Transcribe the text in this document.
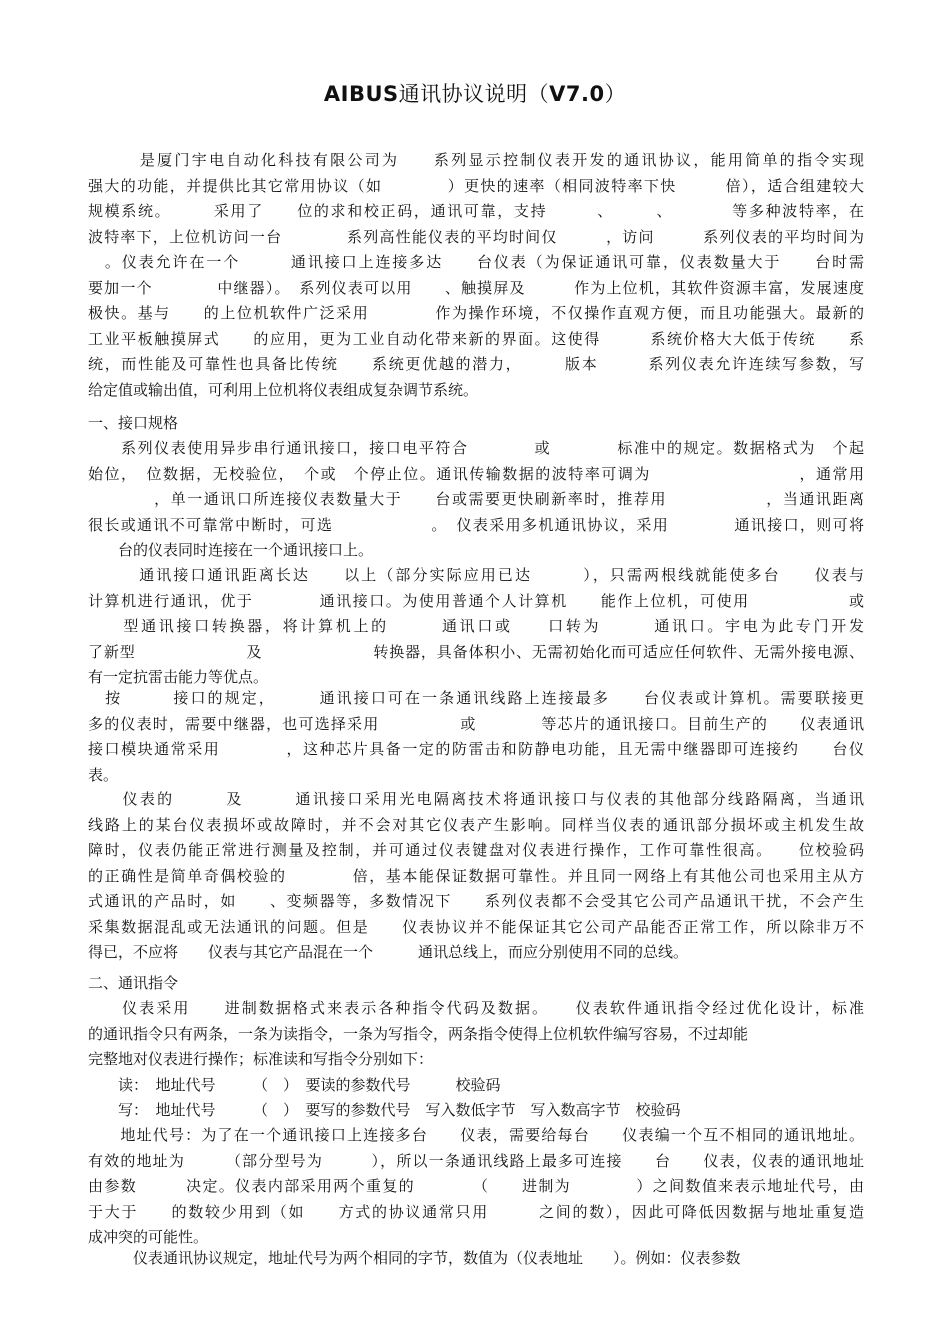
AIBUS通讯协议说明（V7.0）
　　　是厦门宇电自动化科技有限公司为　　系列显示控制仪表开发的通讯协议，能用简单的指令实现
强大的功能，并提供比其它常用协议（如　　　　）更快的速率（相同波特率下快　　　倍），适合组建较大
规模系统。　　　采用了　　位的求和校正码，通讯可靠，支持　　　、　　　、　　　　等多种波特率，在
波特率下，上位机访问一台　　　　系列高性能仪表的平均时间仅　　　，访问　　　系列仪表的平均时间为
　。仪表允许在一个　　　通讯接口上连接多达　　台仪表（为保证通讯可靠，仪表数量大于　　台时需
要加一个　　　　中继器）。　系列仪表可以用　　、触摸屏及　　　作为上位机，其软件资源丰富，发展速度
极快。基与　　的上位机软件广泛采用　　　　作为操作环境，不仅操作直观方便，而且功能强大。最新的
工业平板触摸屏式　　的应用，更为工业自动化带来新的界面。这使得　　　系统价格大大低于传统　　系
统，而性能及可靠性也具备比传统　　系统更优越的潜力，　　　版本　　　系列仪表允许连续写参数，写
给定值或输出值，可利用上位机将仪表组成复杂调节系统。
一、接口规格
　　系列仪表使用异步串行通讯接口，接口电平符合　　　　或　　　　标准中的规定。数据格式为　个起
始位，　位数据，无校验位，　个或　个停止位。通讯传输数据的波特率可调为　　　　　　　　　，通常用
　　　　，单一通讯口所连接仪表数量大于　　台或需要更快刷新率时，推荐用　　　　　　，当通讯距离
很长或通讯不可靠常中断时，可选　　　　　　。　仪表采用多机通讯协议，采用　　　　通讯接口，则可将
　　台的仪表同时连接在一个通讯接口上。
　　　通讯接口通讯距离长达　　以上（部分实际应用已达　　　），只需两根线就能使多台　　仪表与
计算机进行通讯，优于　　　　通讯接口。为使用普通个人计算机　　能作上位机，可使用　　　　　　或
　　型通讯接口转换器，将计算机上的　　　通讯口或　　口转为　　　通讯口。宇电为此专门开发
了新型　　　　　　　及　　　　　　　转换器，具备体积小、无需初始化而可适应任何软件、无需外接电源、
有一定抗雷击能力等优点。
　按　　　接口的规定，　　　通讯接口可在一条通讯线路上连接最多　　台仪表或计算机。需要联接更
多的仪表时，需要中继器，也可选择采用　　　　　或　　　　等芯片的通讯接口。目前生产的　　仪表通讯
接口模块通常采用　　　　，这种芯片具备一定的防雷击和防静电功能，且无需中继器即可连接约　　台仪
表。
　　仪表的　　　及　　　通讯接口采用光电隔离技术将通讯接口与仪表的其他部分线路隔离，当通讯
线路上的某台仪表损坏或故障时，并不会对其它仪表产生影响。同样当仪表的通讯部分损坏或主机发生故
障时，仪表仍能正常进行测量及控制，并可通过仪表键盘对仪表进行操作，工作可靠性很高。　　位校验码
的正确性是简单奇偶校验的　　　　倍，基本能保证数据可靠性。并且同一网络上有其他公司也采用主从方
式通讯的产品时，如　　、变频器等，多数情况下　　系列仪表都不会受其它公司产品通讯干扰，不会产生
采集数据混乱或无法通讯的问题。但是　　仪表协议并不能保证其它公司产品能否正常工作，所以除非万不
得已，不应将　　仪表与其它产品混在一个　　　通讯总线上，而应分别使用不同的总线。
二、通讯指令
　　仪表采用　　进制数据格式来表示各种指令代码及数据。　　仪表软件通讯指令经过优化设计，标准
的通讯指令只有两条，一条为读指令，一条为写指令，两条指令使得上位机软件编写容易，不过却能
完整地对仪表进行操作；标准读和写指令分别如下：
　　读：　地址代号　　　（　）　要读的参数代号　　　校验码
　　写：　地址代号　　　（　）　要写的参数代号　写入数低字节　写入数高字节　校验码
　　地址代号：为了在一个通讯接口上连接多台　　仪表，需要给每台　　仪表编一个互不相同的通讯地址。
有效的地址为　　　（部分型号为　　　），所以一条通讯线路上最多可连接　　台　　仪表，仪表的通讯地址
由参数　　　决定。仪表内部采用两个重复的　　　　（　　进制为　　　　）之间数值来表示地址代号，由
于大于　　的数较少用到（如　　方式的协议通常只用　　　之间的数），因此可降低因数据与地址重复造
成冲突的可能性。
　　　仪表通讯协议规定，地址代号为两个相同的字节，数值为（仪表地址　　）。例如：仪表参数
